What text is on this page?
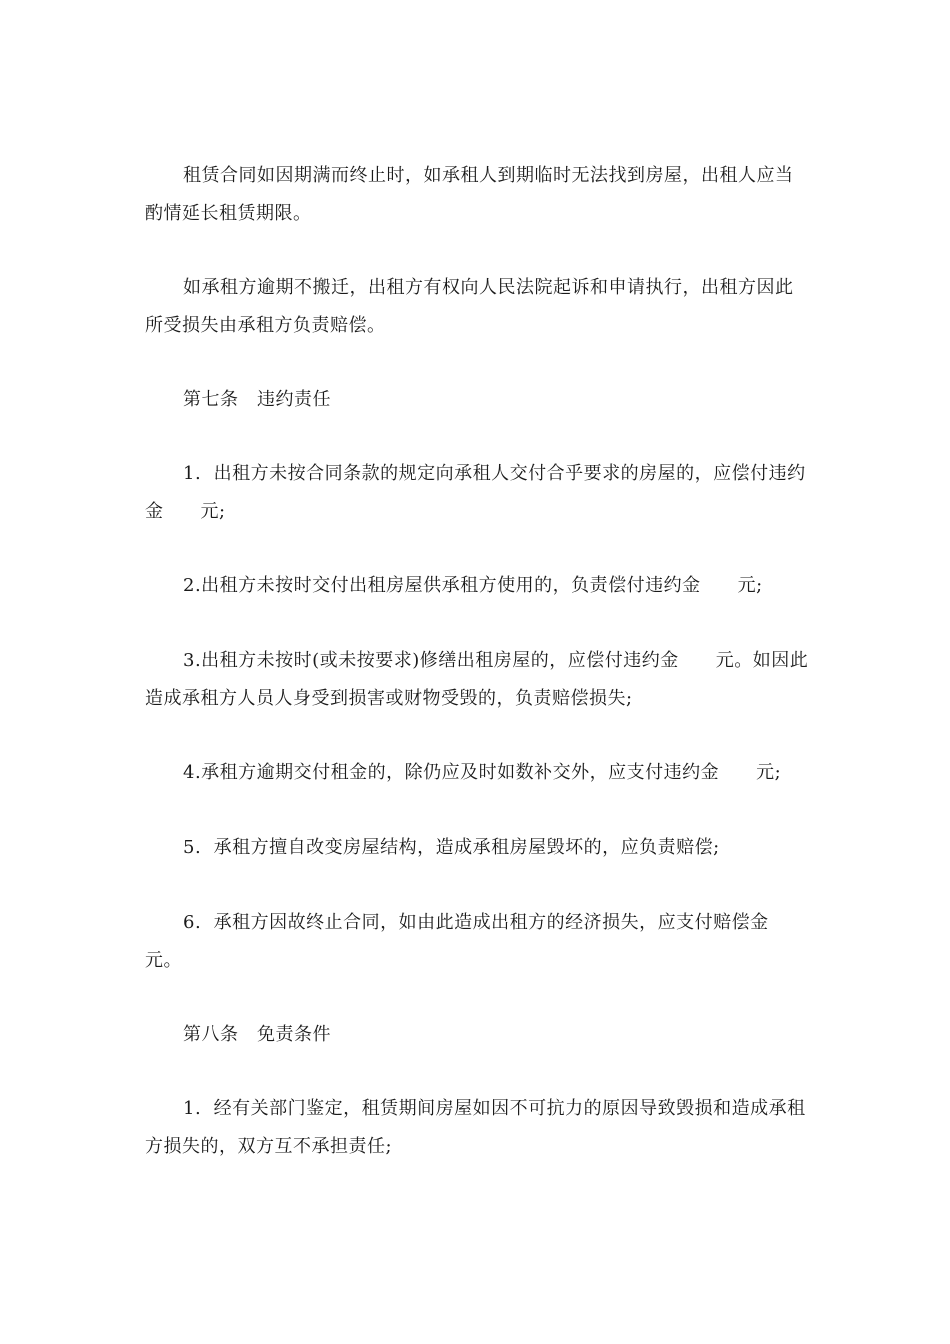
租赁合同如因期满而终止时，如承租人到期临时无法找到房屋，出租人应当酌情延长租赁期限。

如承租方逾期不搬迁，出租方有权向人民法院起诉和申请执行，出租方因此所受损失由承租方负责赔偿。

第七条　违约责任

1.  出租方未按合同条款的规定向承租人交付合乎要求的房屋的，应偿付违约金　　元;

2.出租方未按时交付出租房屋供承租方使用的，负责偿付违约金　　元;

3.出租方未按时(或未按要求)修缮出租房屋的，应偿付违约金　　元。如因此造成承租方人员人身受到损害或财物受毁的，负责赔偿损失;

4.承租方逾期交付租金的，除仍应及时如数补交外，应支付违约金　　元;

5.  承租方擅自改变房屋结构，造成承租房屋毁坏的，应负责赔偿;

6.  承租方因故终止合同，如由此造成出租方的经济损失，应支付赔偿金　　元。

第八条　免责条件

1.  经有关部门鉴定，租赁期间房屋如因不可抗力的原因导致毁损和造成承租方损失的，双方互不承担责任;
